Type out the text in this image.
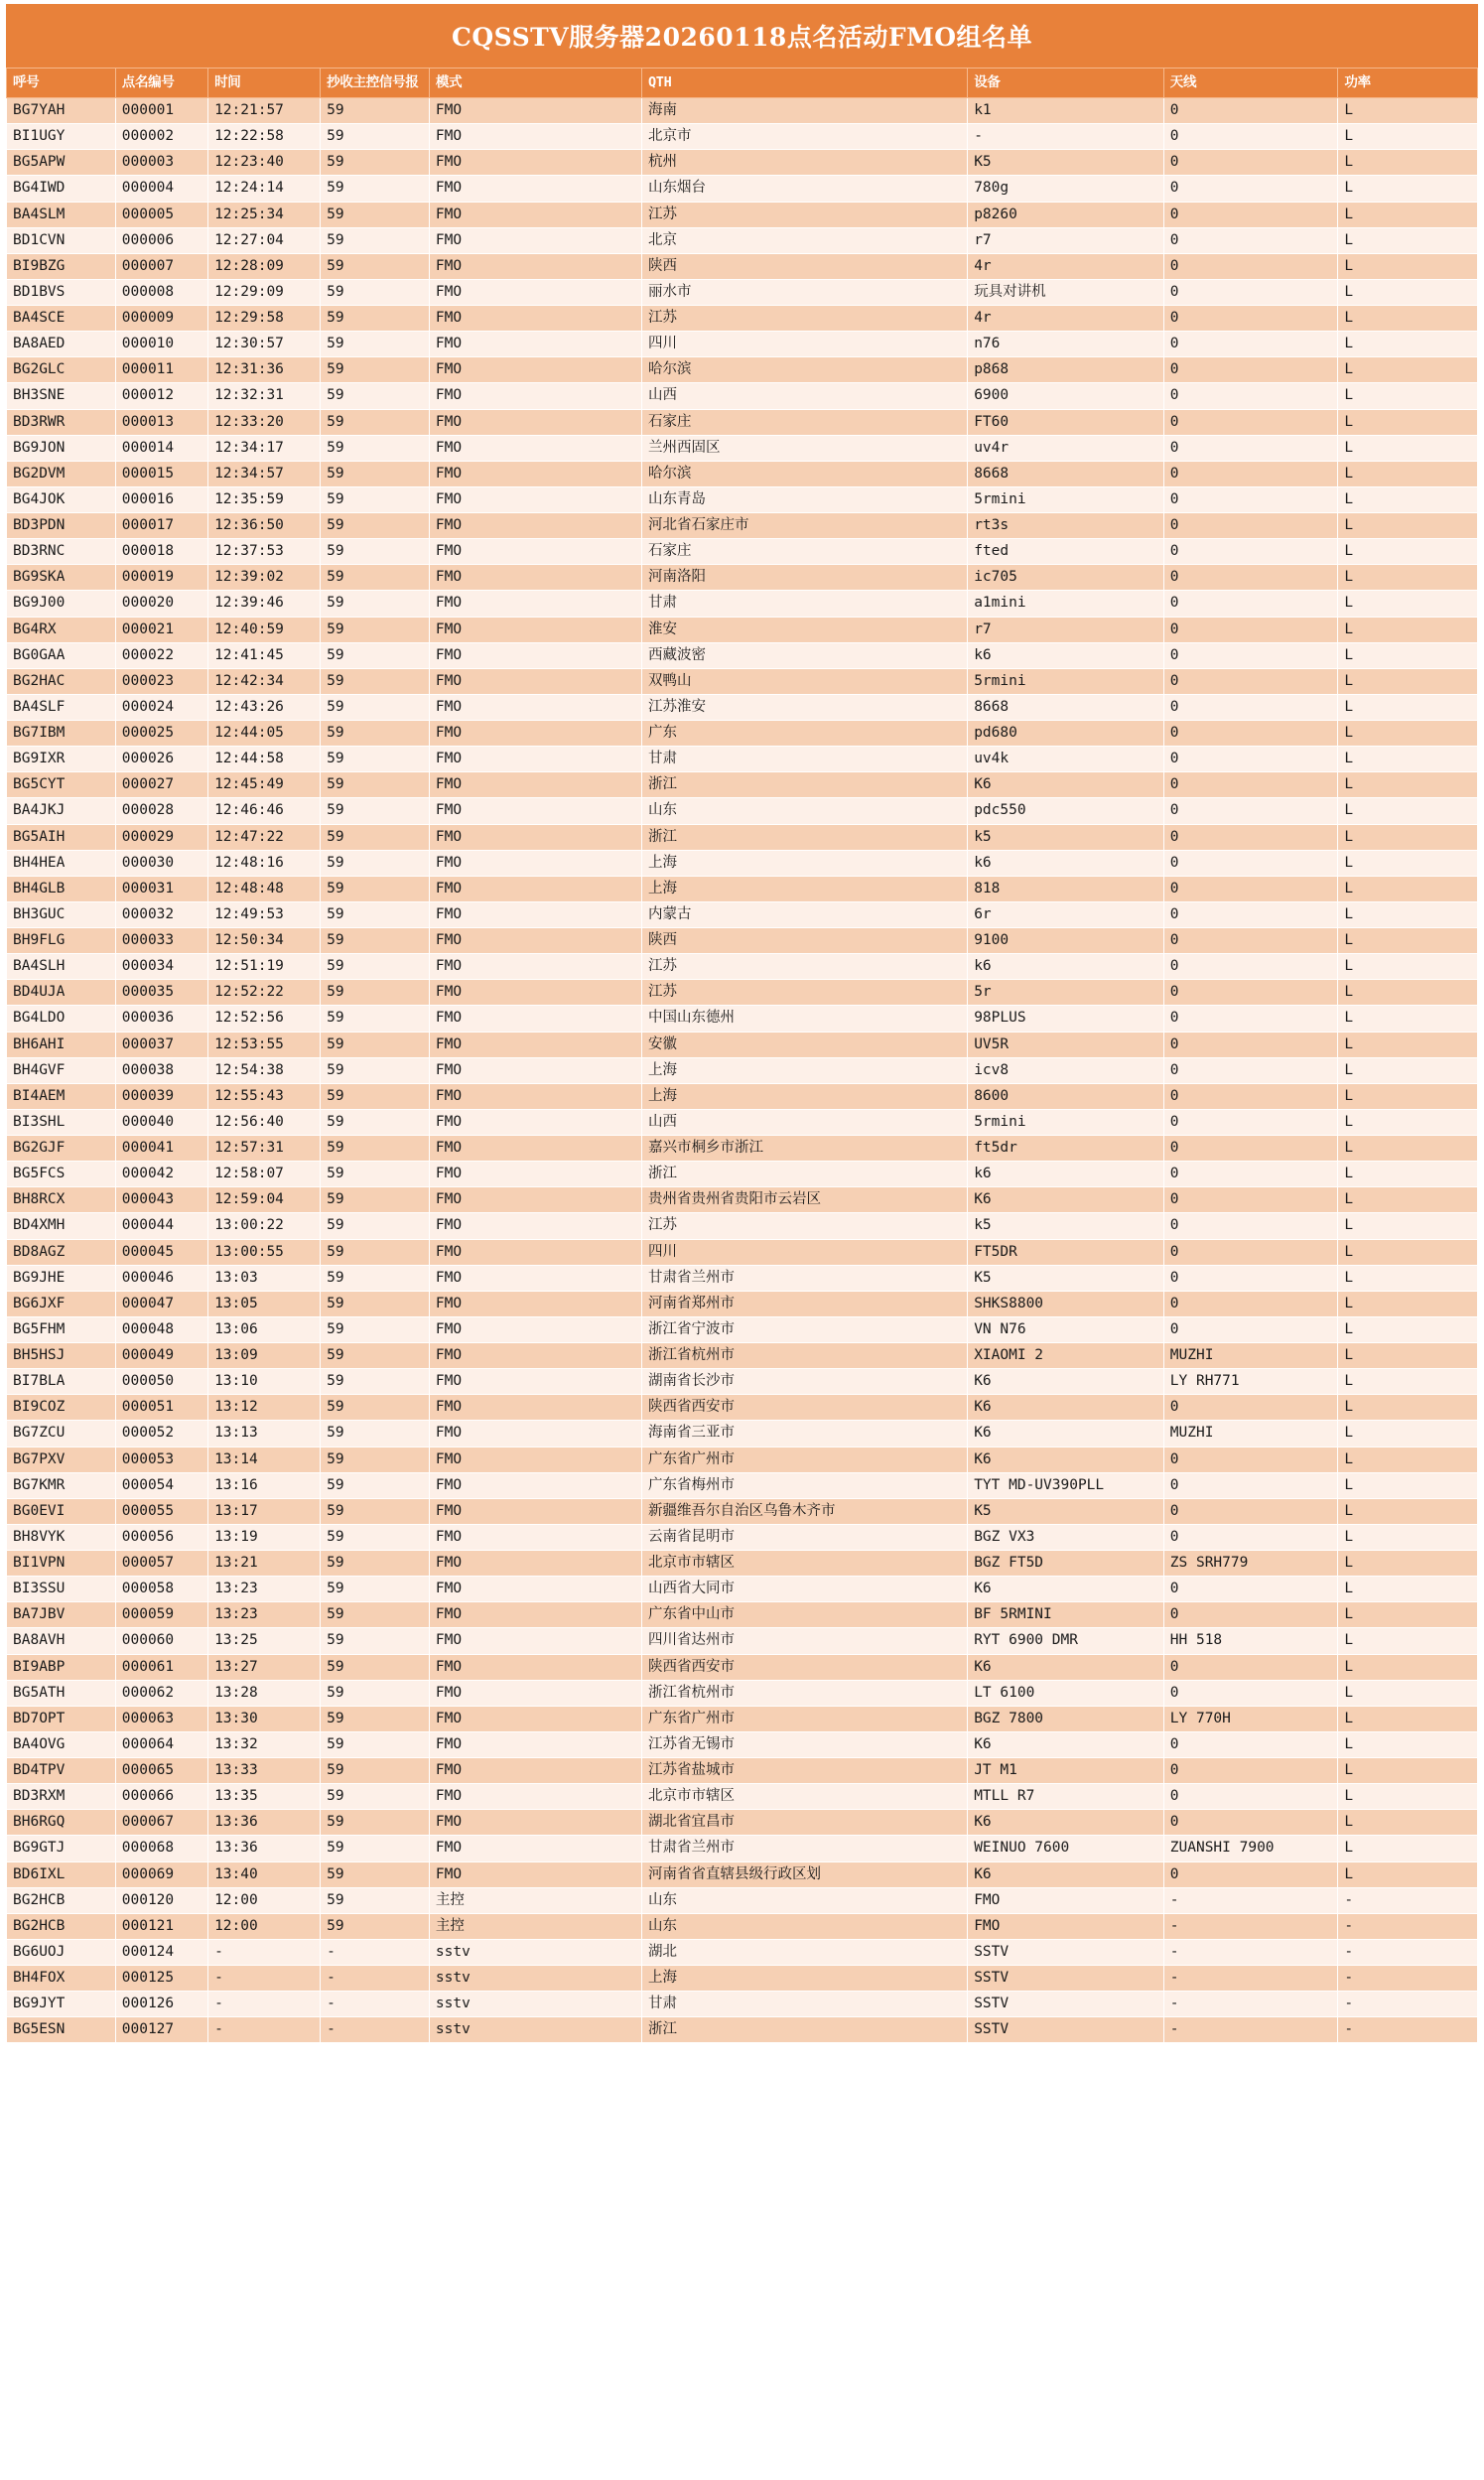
CQSSTV服务器20260118点名活动FMO组名单
呼号	点名编号	时间	抄收主控信号报	模式	QTH	设备	天线	功率
BG7YAH	000001	12:21:57	59	FMO	海南	k1	0	L
BI1UGY	000002	12:22:58	59	FMO	北京市	-	0	L
BG5APW	000003	12:23:40	59	FMO	杭州	K5	0	L
BG4IWD	000004	12:24:14	59	FMO	山东烟台	780g	0	L
BA4SLM	000005	12:25:34	59	FMO	江苏	p8260	0	L
BD1CVN	000006	12:27:04	59	FMO	北京	r7	0	L
BI9BZG	000007	12:28:09	59	FMO	陕西	4r	0	L
BD1BVS	000008	12:29:09	59	FMO	丽水市	玩具对讲机	0	L
BA4SCE	000009	12:29:58	59	FMO	江苏	4r	0	L
BA8AED	000010	12:30:57	59	FMO	四川	n76	0	L
BG2GLC	000011	12:31:36	59	FMO	哈尔滨	p868	0	L
BH3SNE	000012	12:32:31	59	FMO	山西	6900	0	L
BD3RWR	000013	12:33:20	59	FMO	石家庄	FT60	0	L
BG9JON	000014	12:34:17	59	FMO	兰州西固区	uv4r	0	L
BG2DVM	000015	12:34:57	59	FMO	哈尔滨	8668	0	L
BG4JOK	000016	12:35:59	59	FMO	山东青岛	5rmini	0	L
BD3PDN	000017	12:36:50	59	FMO	河北省石家庄市	rt3s	0	L
BD3RNC	000018	12:37:53	59	FMO	石家庄	fted	0	L
BG9SKA	000019	12:39:02	59	FMO	河南洛阳	ic705	0	L
BG9J00	000020	12:39:46	59	FMO	甘肃	a1mini	0	L
BG4RX	000021	12:40:59	59	FMO	淮安	r7	0	L
BG0GAA	000022	12:41:45	59	FMO	西藏波密	k6	0	L
BG2HAC	000023	12:42:34	59	FMO	双鸭山	5rmini	0	L
BA4SLF	000024	12:43:26	59	FMO	江苏淮安	8668	0	L
BG7IBM	000025	12:44:05	59	FMO	广东	pd680	0	L
BG9IXR	000026	12:44:58	59	FMO	甘肃	uv4k	0	L
BG5CYT	000027	12:45:49	59	FMO	浙江	K6	0	L
BA4JKJ	000028	12:46:46	59	FMO	山东	pdc550	0	L
BG5AIH	000029	12:47:22	59	FMO	浙江	k5	0	L
BH4HEA	000030	12:48:16	59	FMO	上海	k6	0	L
BH4GLB	000031	12:48:48	59	FMO	上海	818	0	L
BH3GUC	000032	12:49:53	59	FMO	内蒙古	6r	0	L
BH9FLG	000033	12:50:34	59	FMO	陕西	9100	0	L
BA4SLH	000034	12:51:19	59	FMO	江苏	k6	0	L
BD4UJA	000035	12:52:22	59	FMO	江苏	5r	0	L
BG4LDO	000036	12:52:56	59	FMO	中国山东德州	98PLUS	0	L
BH6AHI	000037	12:53:55	59	FMO	安徽	UV5R	0	L
BH4GVF	000038	12:54:38	59	FMO	上海	icv8	0	L
BI4AEM	000039	12:55:43	59	FMO	上海	8600	0	L
BI3SHL	000040	12:56:40	59	FMO	山西	5rmini	0	L
BG2GJF	000041	12:57:31	59	FMO	嘉兴市桐乡市浙江	ft5dr	0	L
BG5FCS	000042	12:58:07	59	FMO	浙江	k6	0	L
BH8RCX	000043	12:59:04	59	FMO	贵州省贵州省贵阳市云岩区	K6	0	L
BD4XMH	000044	13:00:22	59	FMO	江苏	k5	0	L
BD8AGZ	000045	13:00:55	59	FMO	四川	FT5DR	0	L
BG9JHE	000046	13:03	59	FMO	甘肃省兰州市	K5	0	L
BG6JXF	000047	13:05	59	FMO	河南省郑州市	SHKS8800	0	L
BG5FHM	000048	13:06	59	FMO	浙江省宁波市	VN N76	0	L
BH5HSJ	000049	13:09	59	FMO	浙江省杭州市	XIAOMI 2	MUZHI	L
BI7BLA	000050	13:10	59	FMO	湖南省长沙市	K6	LY RH771	L
BI9COZ	000051	13:12	59	FMO	陕西省西安市	K6	0	L
BG7ZCU	000052	13:13	59	FMO	海南省三亚市	K6	MUZHI	L
BG7PXV	000053	13:14	59	FMO	广东省广州市	K6	0	L
BG7KMR	000054	13:16	59	FMO	广东省梅州市	TYT MD-UV390PLL	0	L
BG0EVI	000055	13:17	59	FMO	新疆维吾尔自治区乌鲁木齐市	K5	0	L
BH8VYK	000056	13:19	59	FMO	云南省昆明市	BGZ VX3	0	L
BI1VPN	000057	13:21	59	FMO	北京市市辖区	BGZ FT5D	ZS SRH779	L
BI3SSU	000058	13:23	59	FMO	山西省大同市	K6	0	L
BA7JBV	000059	13:23	59	FMO	广东省中山市	BF 5RMINI	0	L
BA8AVH	000060	13:25	59	FMO	四川省达州市	RYT 6900 DMR	HH 518	L
BI9ABP	000061	13:27	59	FMO	陕西省西安市	K6	0	L
BG5ATH	000062	13:28	59	FMO	浙江省杭州市	LT 6100	0	L
BD7OPT	000063	13:30	59	FMO	广东省广州市	BGZ 7800	LY 770H	L
BA4OVG	000064	13:32	59	FMO	江苏省无锡市	K6	0	L
BD4TPV	000065	13:33	59	FMO	江苏省盐城市	JT M1	0	L
BD3RXM	000066	13:35	59	FMO	北京市市辖区	MTLL R7	0	L
BH6RGQ	000067	13:36	59	FMO	湖北省宜昌市	K6	0	L
BG9GTJ	000068	13:36	59	FMO	甘肃省兰州市	WEINUO 7600	ZUANSHI 7900	L
BD6IXL	000069	13:40	59	FMO	河南省省直辖县级行政区划	K6	0	L
BG2HCB	000120	12:00	59	主控	山东	FMO	-	-
BG2HCB	000121	12:00	59	主控	山东	FMO	-	-
BG6UOJ	000124	-	-	sstv	湖北	SSTV	-	-
BH4FOX	000125	-	-	sstv	上海	SSTV	-	-
BG9JYT	000126	-	-	sstv	甘肃	SSTV	-	-
BG5ESN	000127	-	-	sstv	浙江	SSTV	-	-
